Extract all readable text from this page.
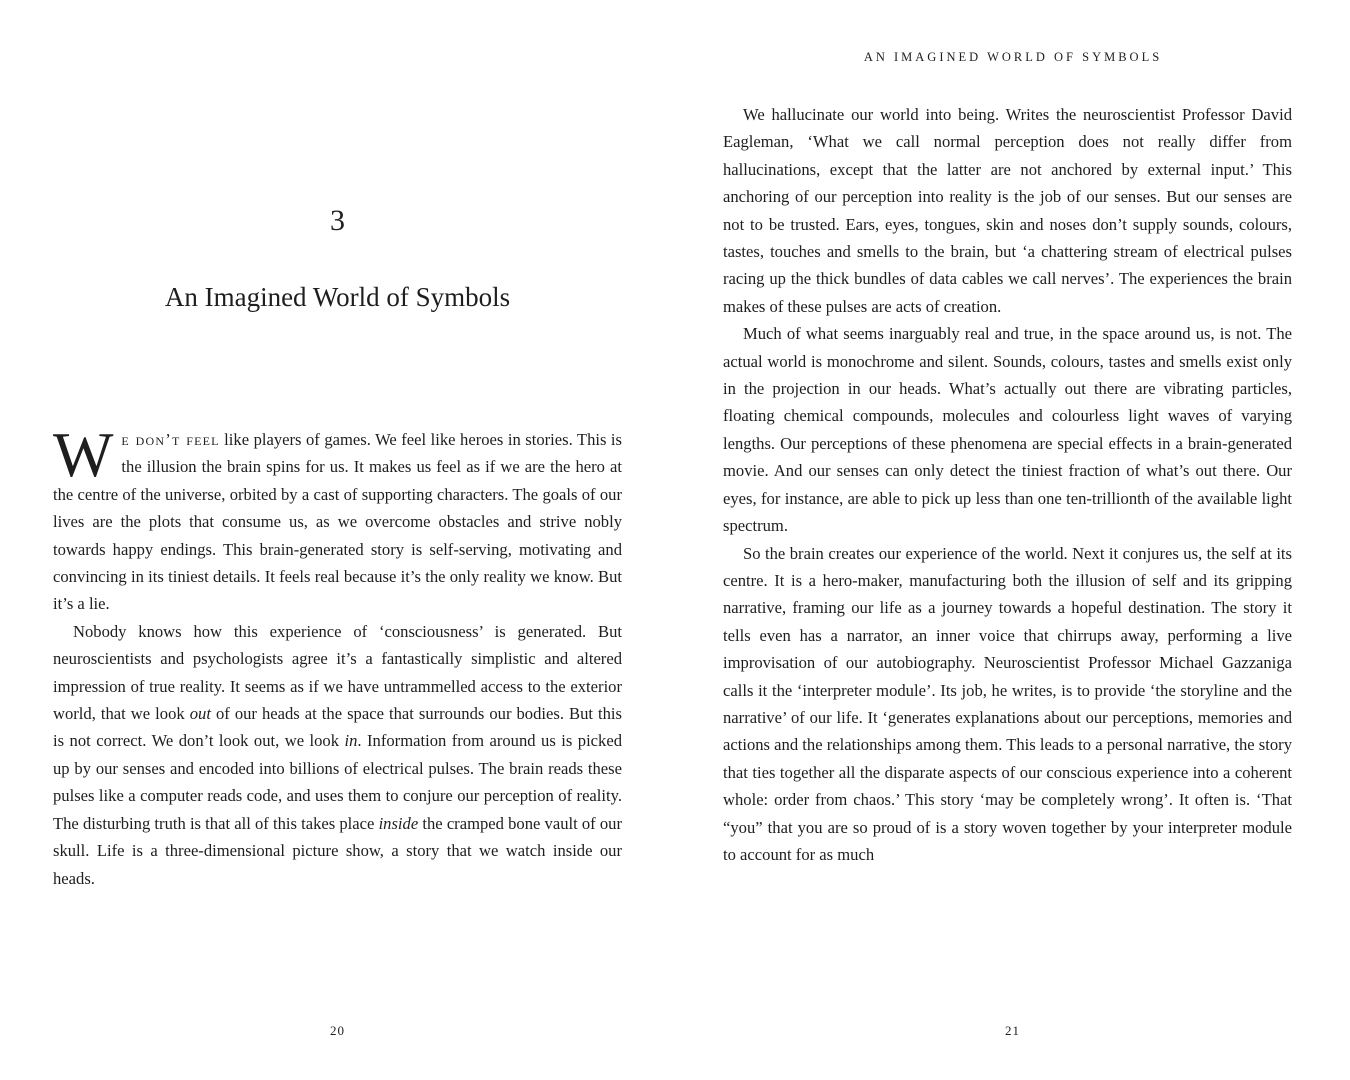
3
An Imagined World of Symbols

We don’t feel like players of games. We feel like heroes in stories. This is the illusion the brain spins for us. It makes us feel as if we are the hero at the centre of the universe, orbited by a cast of supporting characters. The goals of our lives are the plots that consume us, as we overcome obstacles and strive nobly towards happy endings. This brain-generated story is self-serving, motivating and convincing in its tiniest details. It feels real because it’s the only reality we know. But it’s a lie.

Nobody knows how this experience of ‘consciousness’ is generated. But neuroscientists and psychologists agree it’s a fantastically simplistic and altered impression of true reality. It seems as if we have untrammelled access to the exterior world, that we look out of our heads at the space that surrounds our bodies. But this is not correct. We don’t look out, we look in. Information from around us is picked up by our senses and encoded into billions of electrical pulses. The brain reads these pulses like a computer reads code, and uses them to conjure our perception of reality. The disturbing truth is that all of this takes place inside the cramped bone vault of our skull. Life is a three-dimensional picture show, a story that we watch inside our heads.

20
AN IMAGINED WORLD OF SYMBOLS

We hallucinate our world into being. Writes the neuroscientist Professor David Eagleman, ‘What we call normal perception does not really differ from hallucinations, except that the latter are not anchored by external input.’ This anchoring of our perception into reality is the job of our senses. But our senses are not to be trusted. Ears, eyes, tongues, skin and noses don’t supply sounds, colours, tastes, touches and smells to the brain, but ‘a chattering stream of electrical pulses racing up the thick bundles of data cables we call nerves’. The experiences the brain makes of these pulses are acts of creation.

Much of what seems inarguably real and true, in the space around us, is not. The actual world is monochrome and silent. Sounds, colours, tastes and smells exist only in the projection in our heads. What’s actually out there are vibrating particles, floating chemical compounds, molecules and colourless light waves of varying lengths. Our perceptions of these phenomena are special effects in a brain-generated movie. And our senses can only detect the tiniest fraction of what’s out there. Our eyes, for instance, are able to pick up less than one ten-trillionth of the available light spectrum.

So the brain creates our experience of the world. Next it conjures us, the self at its centre. It is a hero-maker, manufacturing both the illusion of self and its gripping narrative, framing our life as a journey towards a hopeful destination. The story it tells even has a narrator, an inner voice that chirrups away, performing a live improvisation of our autobiography. Neuroscientist Professor Michael Gazzaniga calls it the ‘interpreter module’. Its job, he writes, is to provide ‘the storyline and the narrative’ of our life. It ‘generates explanations about our perceptions, memories and actions and the relationships among them. This leads to a personal narrative, the story that ties together all the disparate aspects of our conscious experience into a coherent whole: order from chaos.’ This story ‘may be completely wrong’. It often is. ‘That “you” that you are so proud of is a story woven together by your interpreter module to account for as much

21
